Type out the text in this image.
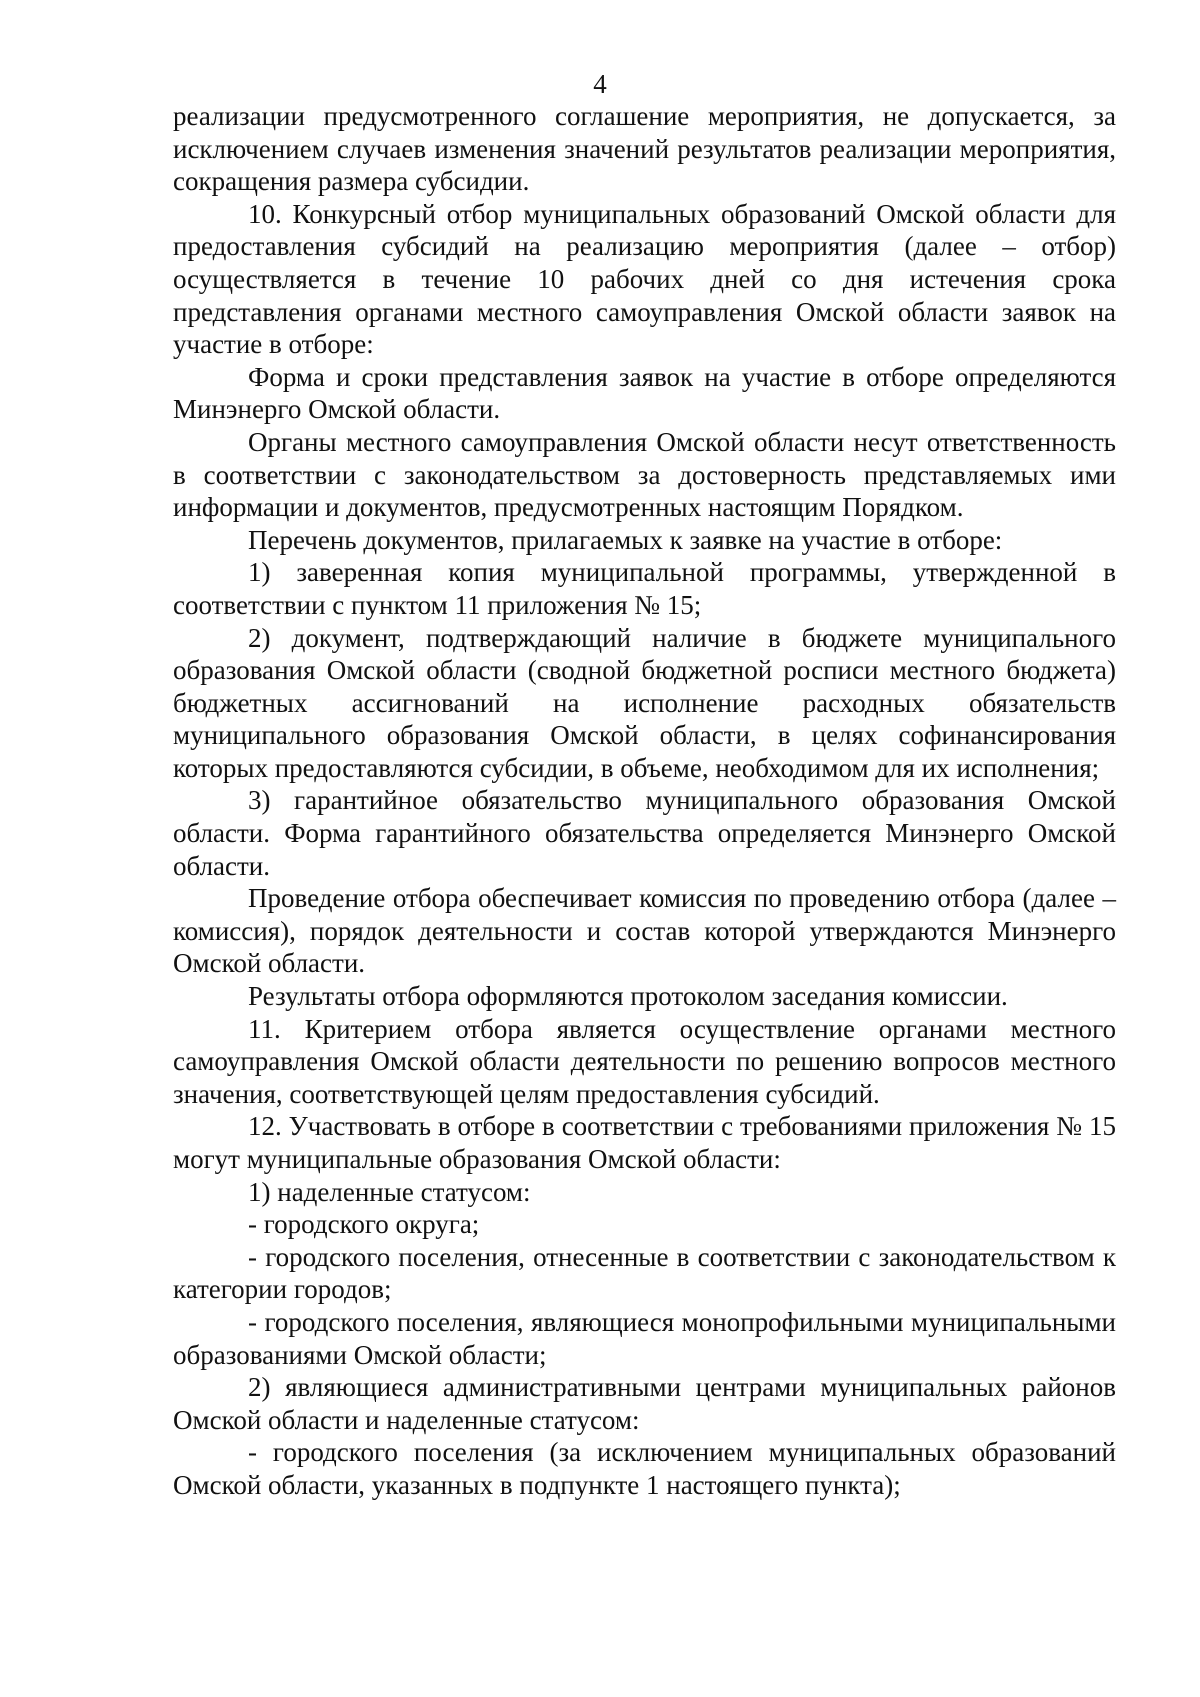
4

реализации предусмотренного соглашение мероприятия, не допускается, за исключением случаев изменения значений результатов реализации мероприятия, сокращения размера субсидии.

10. Конкурсный отбор муниципальных образований Омской области для предоставления субсидий на реализацию мероприятия (далее – отбор) осуществляется в течение 10 рабочих дней со дня истечения срока представления органами местного самоуправления Омской области заявок на участие в отборе:

Форма и сроки представления заявок на участие в отборе определяются Минэнерго Омской области.

Органы местного самоуправления Омской области несут ответственность в соответствии с законодательством за достоверность представляемых ими информации и документов, предусмотренных настоящим Порядком.

Перечень документов, прилагаемых к заявке на участие в отборе:

1) заверенная копия муниципальной программы, утвержденной в соответствии с пунктом 11 приложения № 15;

2) документ, подтверждающий наличие в бюджете муниципального образования Омской области (сводной бюджетной росписи местного бюджета) бюджетных ассигнований на исполнение расходных обязательств муниципального образования Омской области, в целях софинансирования которых предоставляются субсидии, в объеме, необходимом для их исполнения;

3) гарантийное обязательство муниципального образования Омской области. Форма гарантийного обязательства определяется Минэнерго Омской области.

Проведение отбора обеспечивает комиссия по проведению отбора (далее – комиссия), порядок деятельности и состав которой утверждаются Минэнерго Омской области.

Результаты отбора оформляются протоколом заседания комиссии.

11. Критерием отбора является осуществление органами местного самоуправления Омской области деятельности по решению вопросов местного значения, соответствующей целям предоставления субсидий.

12. Участвовать в отборе в соответствии с требованиями приложения № 15 могут муниципальные образования Омской области:

1) наделенные статусом:

- городского округа;

- городского поселения, отнесенные в соответствии с законодательством к категории городов;

- городского поселения, являющиеся монопрофильными муниципальными образованиями Омской области;

2) являющиеся административными центрами муниципальных районов Омской области и наделенные статусом:

- городского поселения (за исключением муниципальных образований Омской области, указанных в подпункте 1 настоящего пункта);
